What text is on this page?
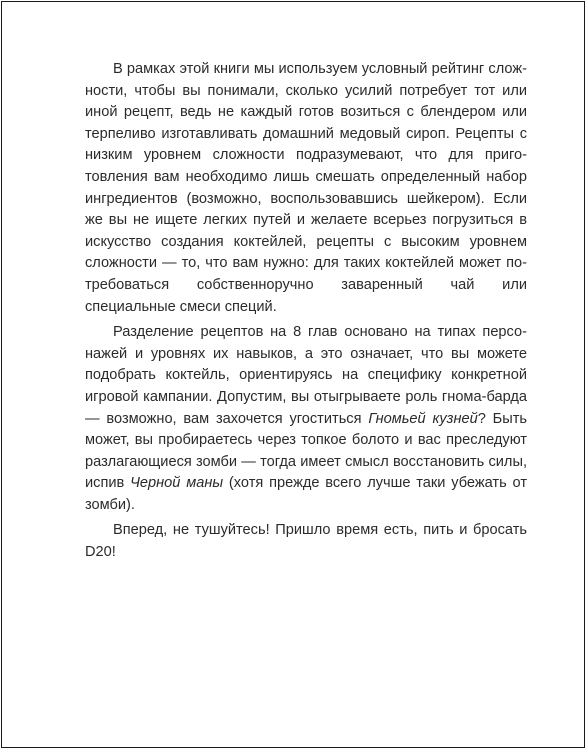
В рамках этой книги мы используем условный рейтинг сложности, чтобы вы понимали, сколько усилий потребует тот или иной рецепт, ведь не каждый готов возиться с блендером или терпеливо изготавливать домашний медовый сироп. Рецепты с низким уровнем сложности подразумевают, что для приготовления вам необходимо лишь смешать определенный набор ингредиентов (возможно, воспользовавшись шейкером). Если же вы не ищете легких путей и желаете всерьез погрузиться в искусство создания коктейлей, рецепты с высоким уровнем сложности — то, что вам нужно: для таких коктейлей может потребоваться собственноручно заваренный чай или специальные смеси специй.

Разделение рецептов на 8 глав основано на типах персонажей и уровнях их навыков, а это означает, что вы можете подобрать коктейль, ориентируясь на специфику конкретной игровой кампании. Допустим, вы отыгрываете роль гнома-барда — возможно, вам захочется угоститься Гномьей кузней? Быть может, вы пробираетесь через топкое болото и вас преследуют разлагающиеся зомби — тогда имеет смысл восстановить силы, испив Черной маны (хотя прежде всего лучше таки убежать от зомби).

Вперед, не тушуйтесь! Пришло время есть, пить и бросать D20!
